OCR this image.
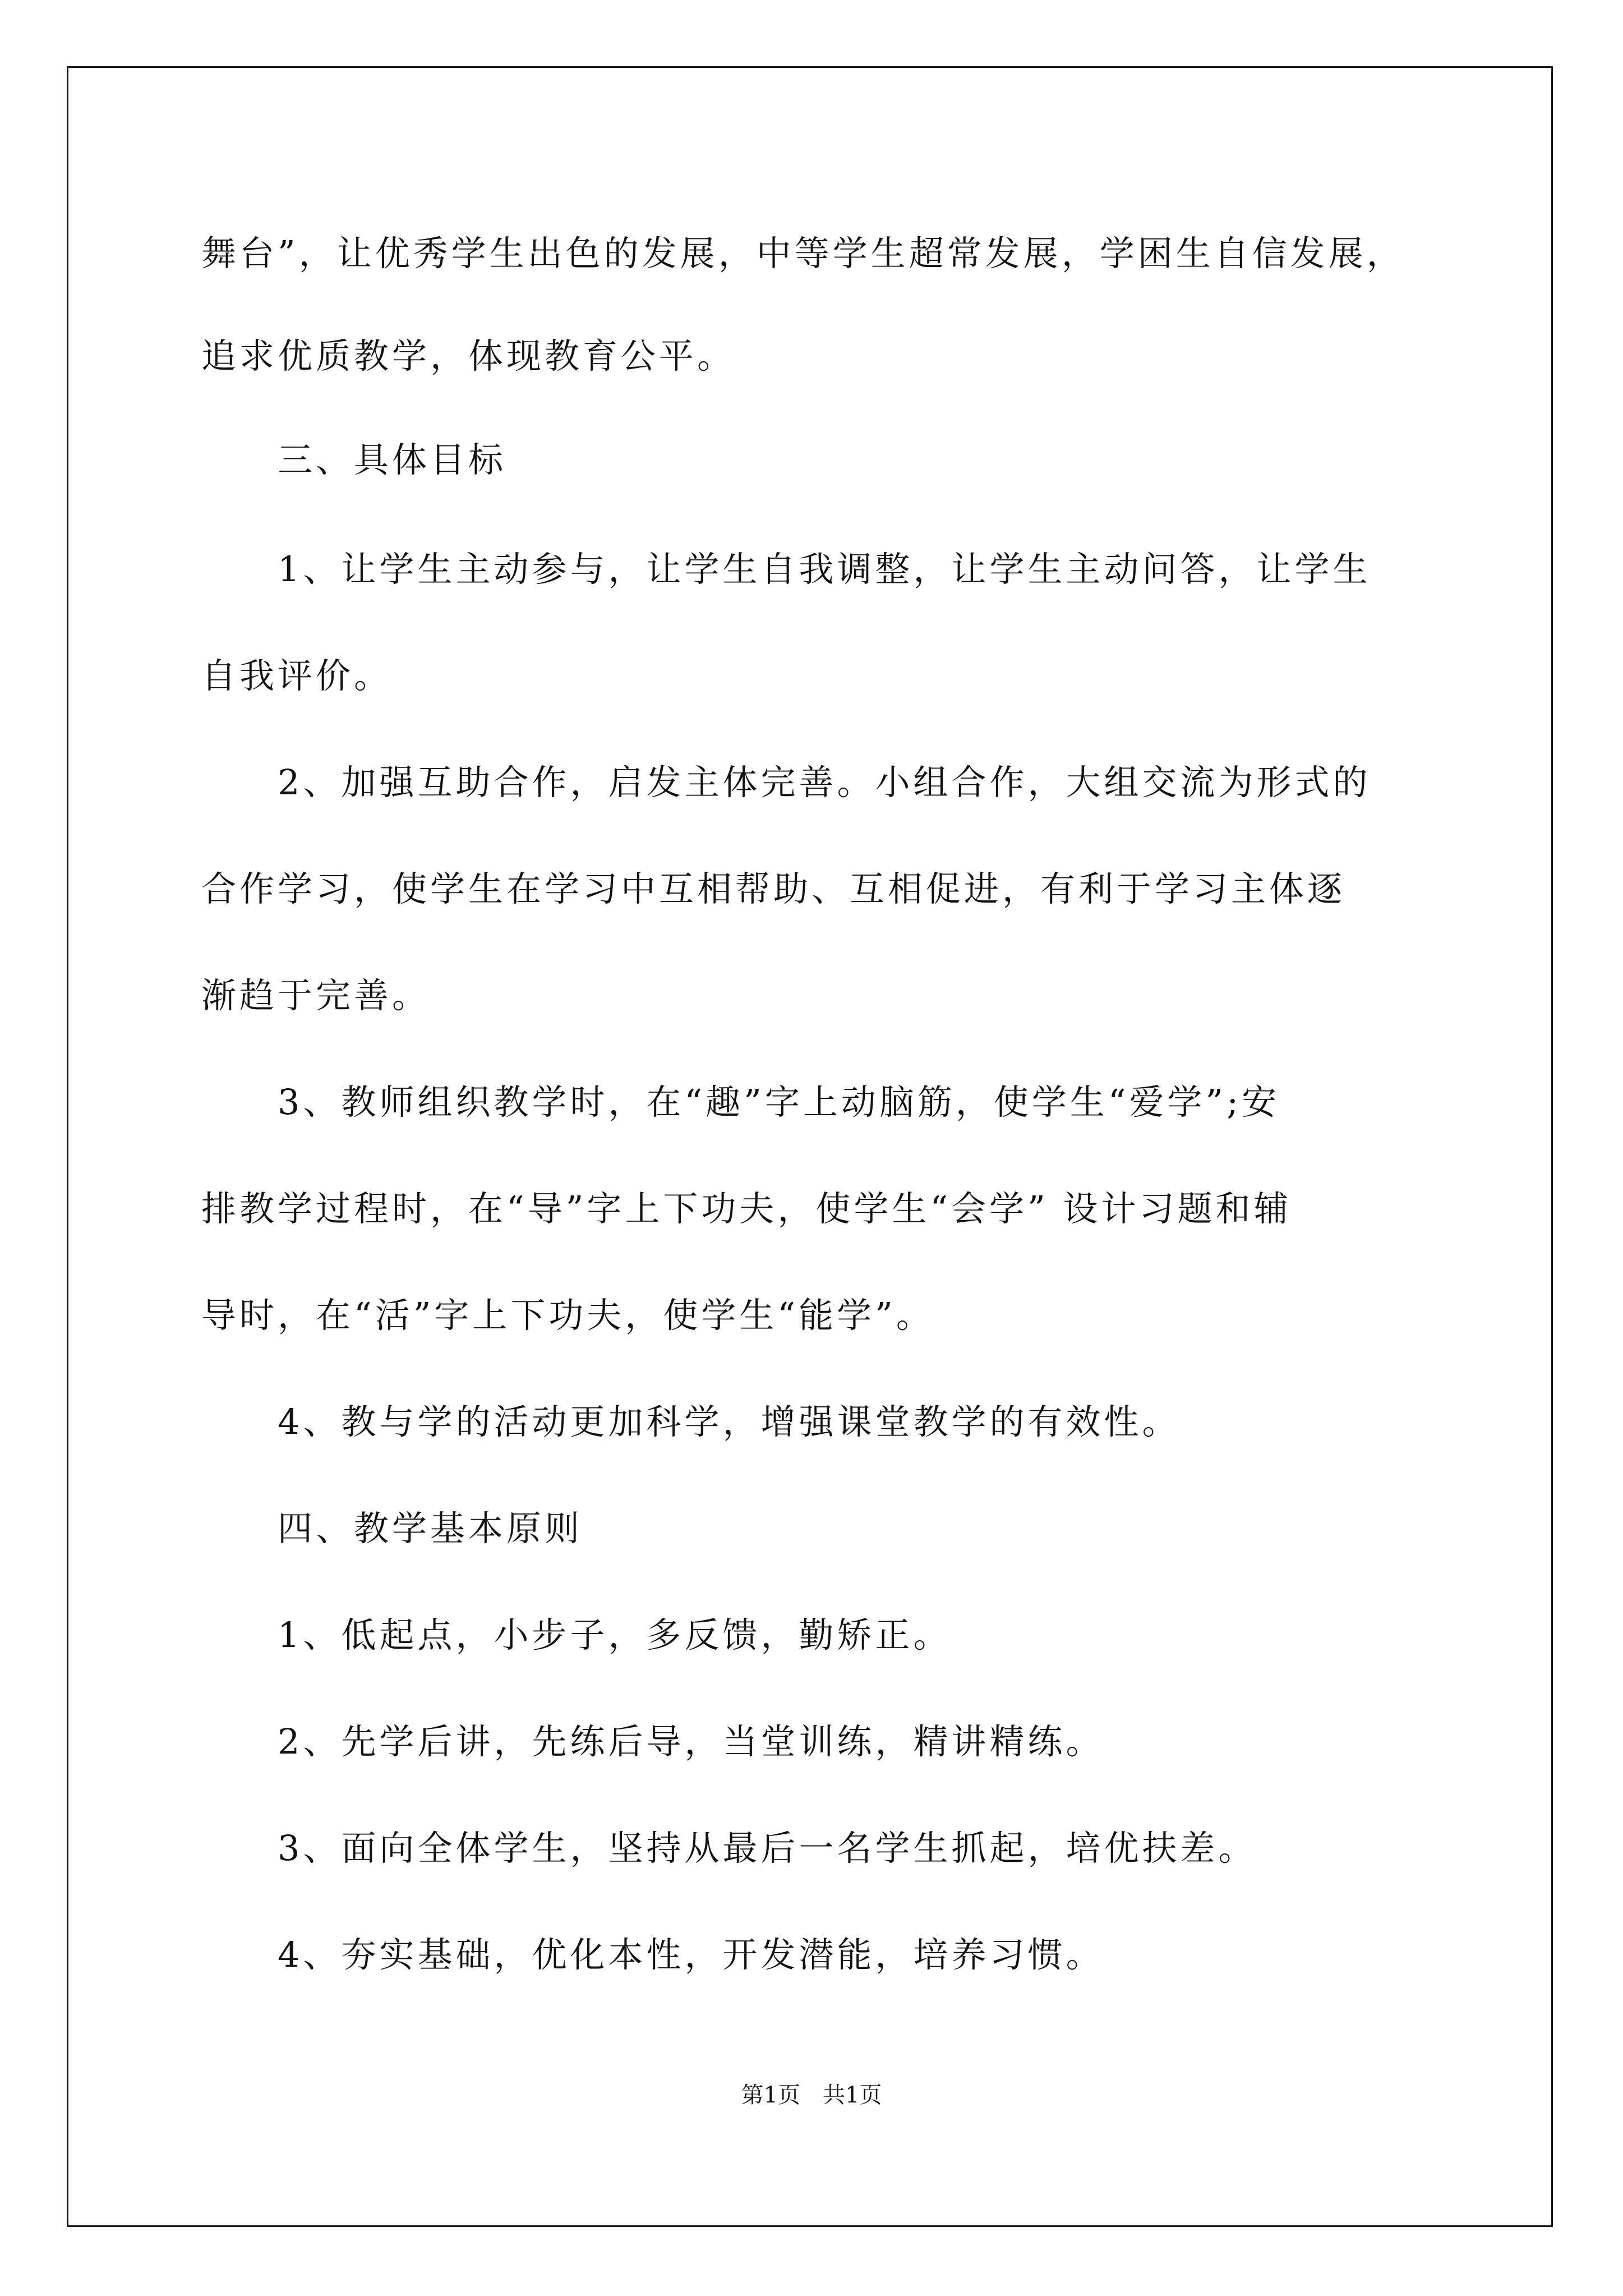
舞台”，让优秀学生出色的发展，中等学生超常发展，学困生自信发展，
追求优质教学，体现教育公平。
三、具体目标
1、让学生主动参与，让学生自我调整，让学生主动问答，让学生
自我评价。
2、加强互助合作，启发主体完善。小组合作，大组交流为形式的
合作学习，使学生在学习中互相帮助、互相促进，有利于学习主体逐
渐趋于完善。
3、教师组织教学时，在“趣”字上动脑筋，使学生“爱学”;安
排教学过程时，在“导”字上下功夫，使学生“会学” 设计习题和辅
导时，在“活”字上下功夫，使学生“能学”。
4、教与学的活动更加科学，增强课堂教学的有效性。
四、教学基本原则
1、低起点，小步子，多反馈，勤矫正。
2、先学后讲，先练后导，当堂训练，精讲精练。
3、面向全体学生，坚持从最后一名学生抓起，培优扶差。
4、夯实基础，优化本性，开发潜能，培养习惯。
第1页　共1页
